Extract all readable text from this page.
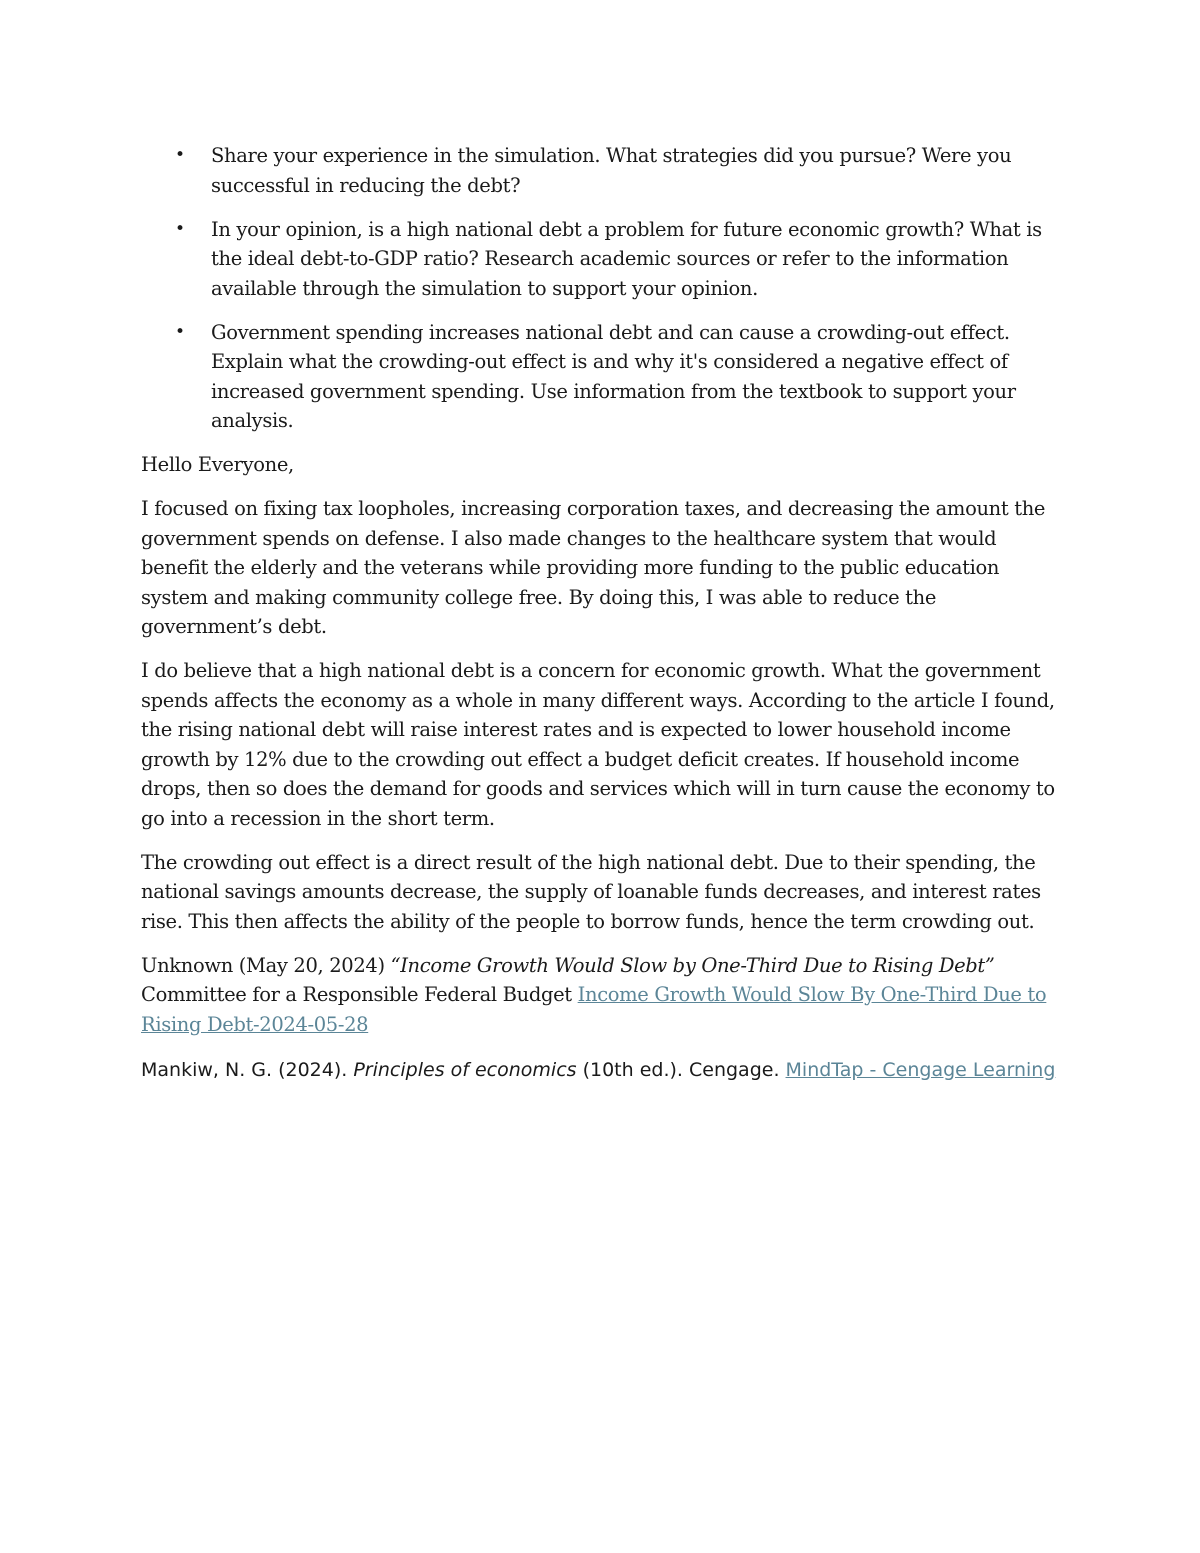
• Share your experience in the simulation. What strategies did you pursue? Were you successful in reducing the debt?
• In your opinion, is a high national debt a problem for future economic growth? What is the ideal debt-to-GDP ratio? Research academic sources or refer to the information available through the simulation to support your opinion.
• Government spending increases national debt and can cause a crowding-out effect. Explain what the crowding-out effect is and why it's considered a negative effect of increased government spending. Use information from the textbook to support your analysis.

Hello Everyone,

I focused on fixing tax loopholes, increasing corporation taxes, and decreasing the amount the government spends on defense. I also made changes to the healthcare system that would benefit the elderly and the veterans while providing more funding to the public education system and making community college free. By doing this, I was able to reduce the government’s debt.

I do believe that a high national debt is a concern for economic growth. What the government spends affects the economy as a whole in many different ways. According to the article I found, the rising national debt will raise interest rates and is expected to lower household income growth by 12% due to the crowding out effect a budget deficit creates. If household income drops, then so does the demand for goods and services which will in turn cause the economy to go into a recession in the short term.

The crowding out effect is a direct result of the high national debt. Due to their spending, the national savings amounts decrease, the supply of loanable funds decreases, and interest rates rise. This then affects the ability of the people to borrow funds, hence the term crowding out.

Unknown (May 20, 2024) “Income Growth Would Slow by One-Third Due to Rising Debt” Committee for a Responsible Federal Budget Income Growth Would Slow By One-Third Due to Rising Debt-2024-05-28

Mankiw, N. G. (2024). Principles of economics (10th ed.). Cengage. MindTap - Cengage Learning
